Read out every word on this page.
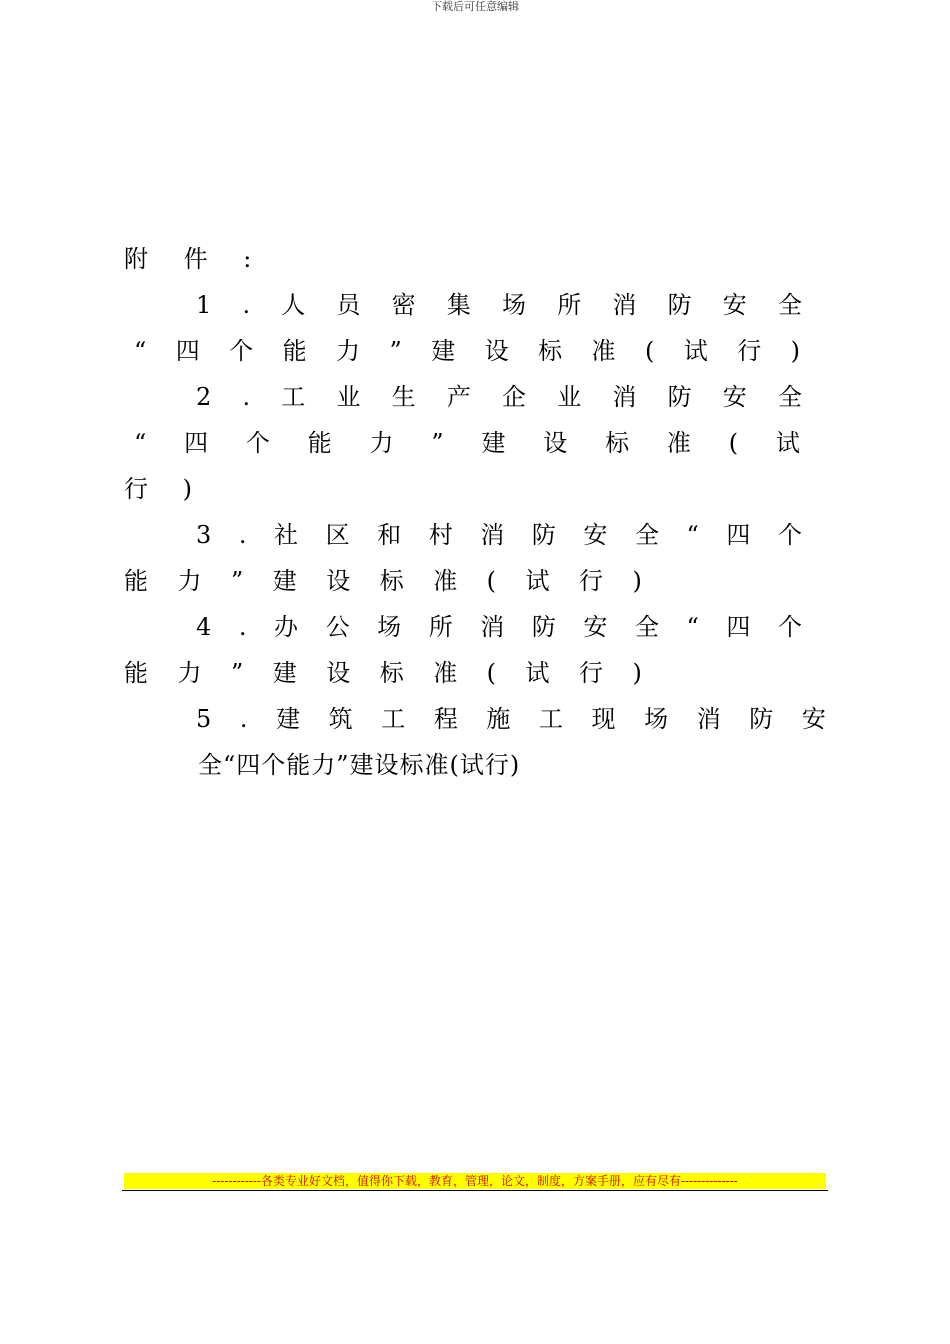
下载后可任意编辑
附 件 :
1 . 人 员 密 集 场 所 消 防 安 全
“ 四 个 能 力 ” 建 设 标 准 ( 试 行 )
2 . 工 业 生 产 企 业 消 防 安 全
“ 四 个 能 力 ” 建 设 标 准 ( 试
行 )
3 . 社 区 和 村 消 防 安 全 “ 四 个
能 力 ” 建 设 标 准 ( 试 行 )
4 . 办 公 场 所 消 防 安 全 “ 四 个
能 力 ” 建 设 标 准 ( 试 行 )
5 . 建 筑 工 程 施 工 现 场 消 防 安
全“四个能力”建设标准(试行)
------------各类专业好文档，值得你下载，教育，管理，论文，制度，方案手册，应有尽有--------------
